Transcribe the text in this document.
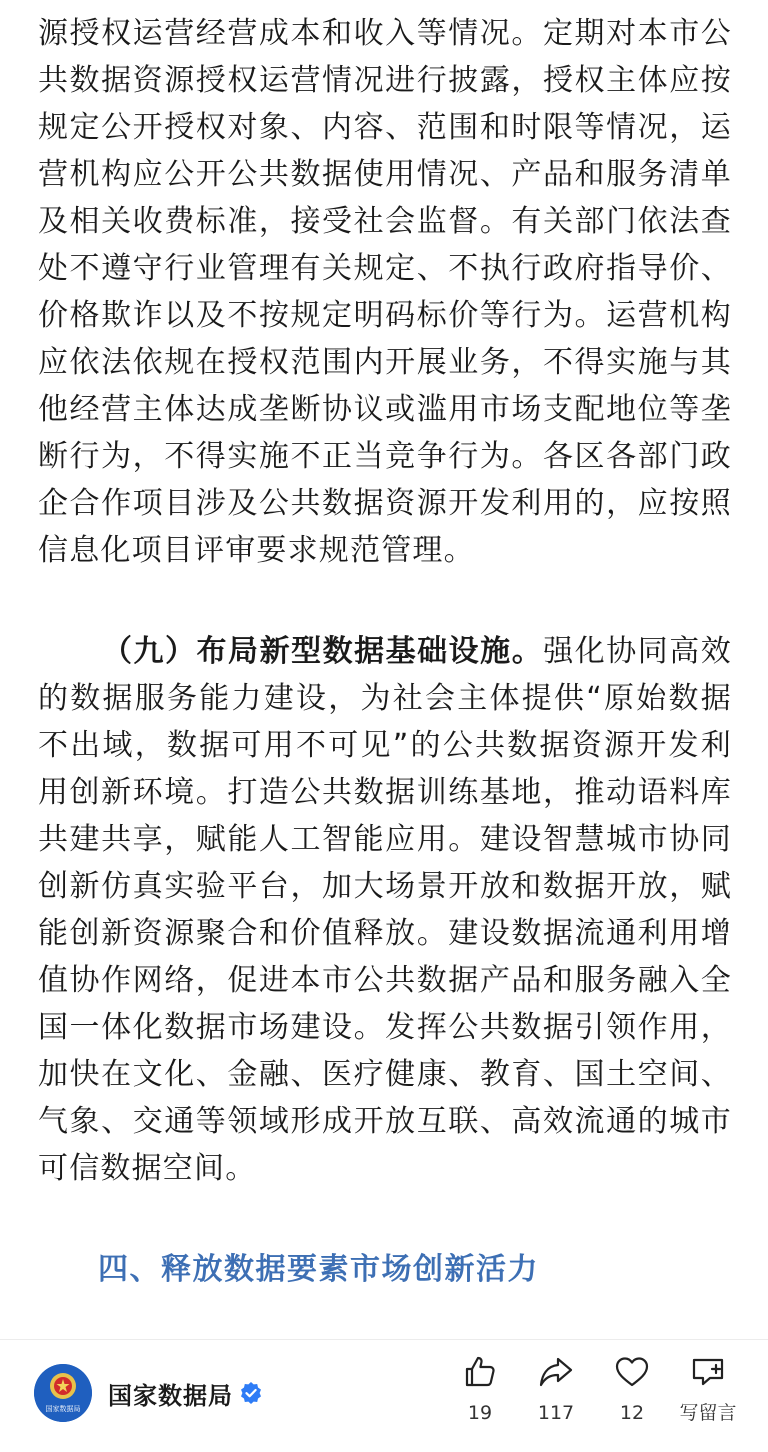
源授权运营经营成本和收入等情况。定期对本市公共数据资源授权运营情况进行披露，授权主体应按规定公开授权对象、内容、范围和时限等情况，运营机构应公开公共数据使用情况、产品和服务清单及相关收费标准，接受社会监督。有关部门依法查处不遵守行业管理有关规定、不执行政府指导价、价格欺诈以及不按规定明码标价等行为。运营机构应依法依规在授权范围内开展业务，不得实施与其他经营主体达成垄断协议或滥用市场支配地位等垄断行为，不得实施不正当竞争行为。各区各部门政企合作项目涉及公共数据资源开发利用的，应按照信息化项目评审要求规范管理。

（九）布局新型数据基础设施。强化协同高效的数据服务能力建设，为社会主体提供“原始数据不出域，数据可用不可见”的公共数据资源开发利用创新环境。打造公共数据训练基地，推动语料库共建共享，赋能人工智能应用。建设智慧城市协同创新仿真实验平台，加大场景开放和数据开放，赋能创新资源聚合和价值释放。建设数据流通利用增值协作网络，促进本市公共数据产品和服务融入全国一体化数据市场建设。发挥公共数据引领作用，加快在文化、金融、医疗健康、教育、国土空间、气象、交通等领域形成开放互联、高效流通的城市可信数据空间。

四、释放数据要素市场创新活力
国家数据局 国家数据局
19 117 12 写留言
